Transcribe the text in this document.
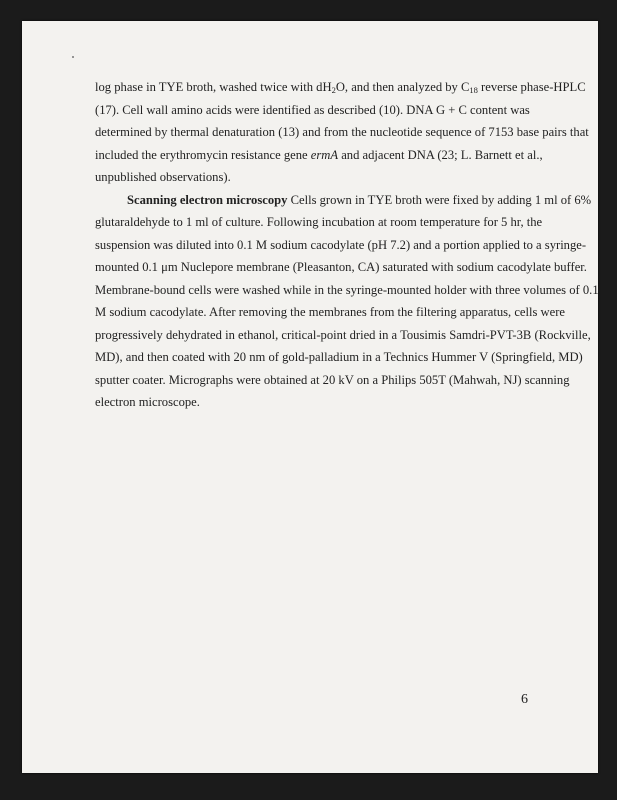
log phase in TYE broth, washed twice with $dH_2O$, and then analyzed by $C_{18}$ reverse phase-HPLC
(17). Cell wall amino acids were identified as described (10). DNA G + C content was
determined by thermal denaturation (13) and from the nucleotide sequence of 7153 base pairs that
included the erythromycin resistance gene ermA and adjacent DNA (23; L. Barnett et al.,
unpublished observations).
Scanning electron microscopy Cells grown in TYE broth were fixed by adding 1 ml of 6%
glutaraldehyde to 1 ml of culture. Following incubation at room temperature for 5 hr, the
suspension was diluted into 0.1 M sodium cacodylate (pH 7.2) and a portion applied to a syringe-
mounted 0.1 μm Nuclepore membrane (Pleasanton, CA) saturated with sodium cacodylate buffer.
Membrane-bound cells were washed while in the syringe-mounted holder with three volumes of 0.1
M sodium cacodylate. After removing the membranes from the filtering apparatus, cells were
progressively dehydrated in ethanol, critical-point dried in a Tousimis Samdri-PVT-3B (Rockville,
MD), and then coated with 20 nm of gold-palladium in a Technics Hummer V (Springfield, MD)
sputter coater. Micrographs were obtained at 20 kV on a Philips 505T (Mahwah, NJ) scanning
electron microscope.
6
